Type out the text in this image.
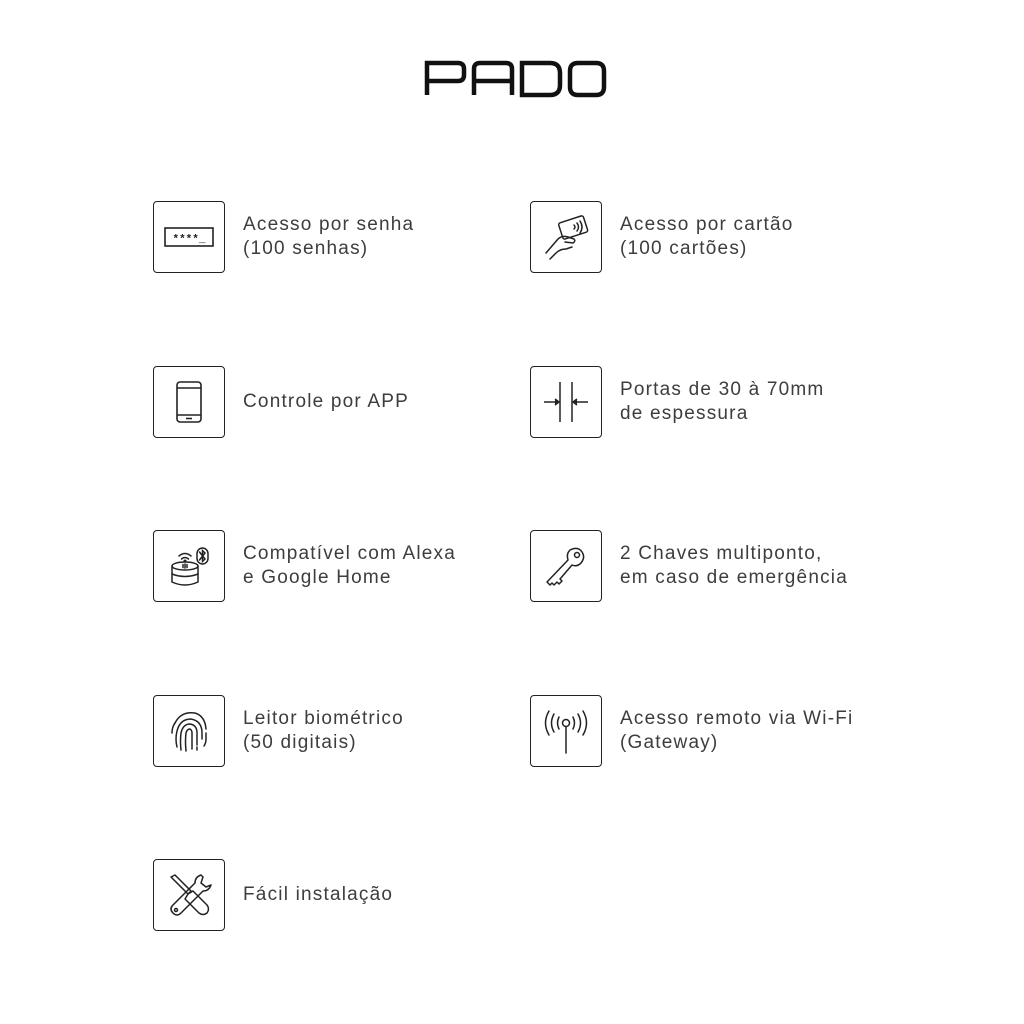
****_
Acesso por senha
(100 senhas)
Acesso por cartão
(100 cartões)
Controle por APP
Portas de 30 à 70mm
de espessura
Compatível com Alexa
e Google Home
2 Chaves multiponto,
em caso de emergência
Leitor biométrico
(50 digitais)
Acesso remoto via Wi-Fi
(Gateway)
Fácil instalação
